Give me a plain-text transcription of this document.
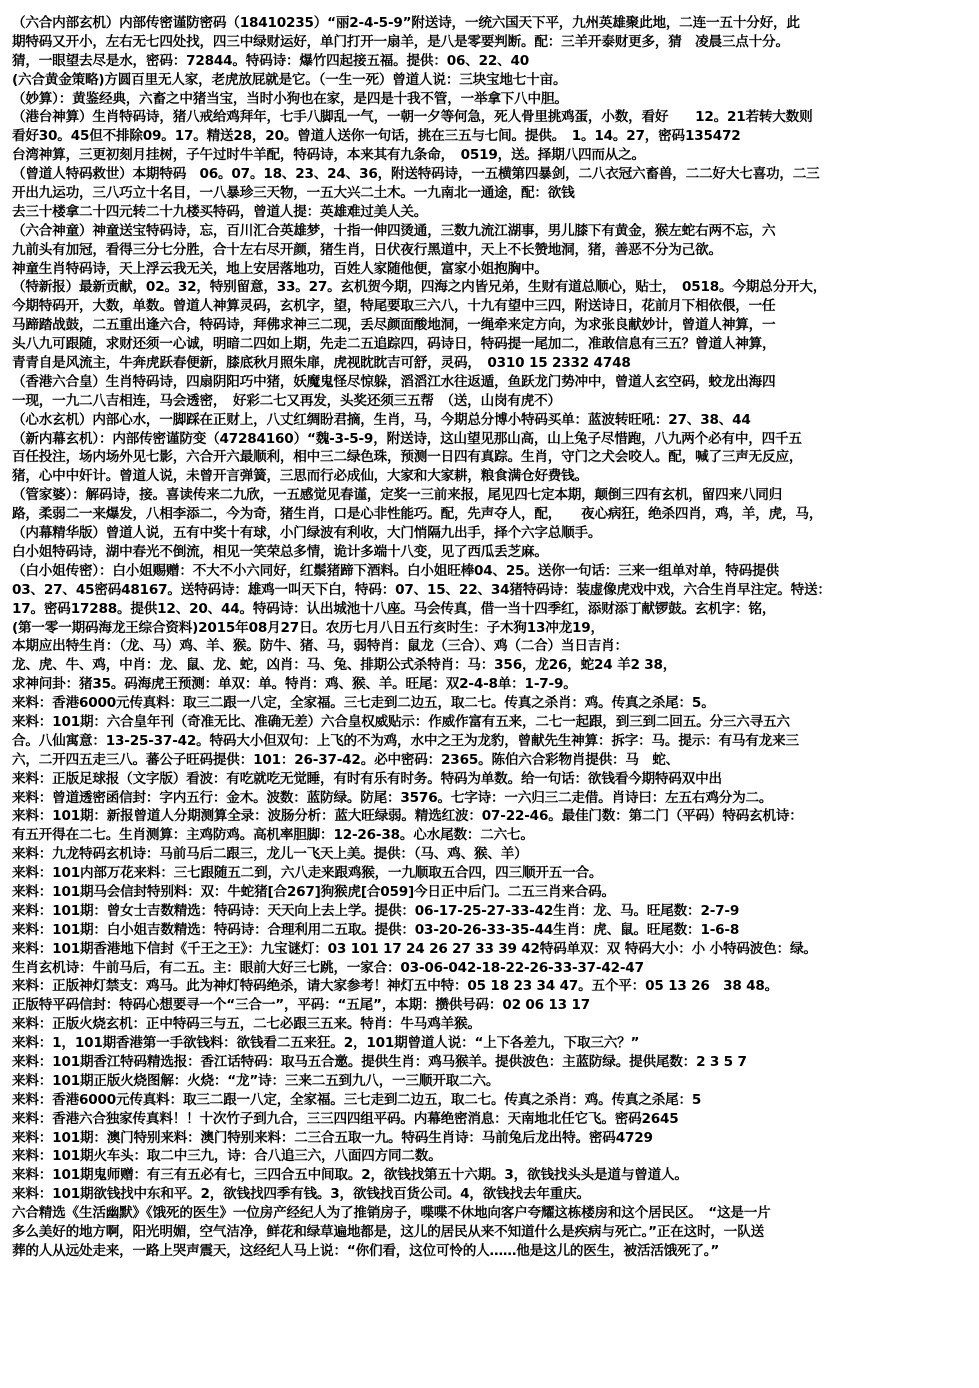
（六合内部玄机）内部传密谨防密码（18410235）“丽2-4-5-9”附送诗，一统六国天下平，九州英雄聚此地，二连一五十分好，此
期特码又开小，左右无七四处找，四三中绿财运好，单门打开一扇羊，是八是零要判断。配：三羊开泰财更多，猜　凌晨三点十分。
猜，一眼望去尽是水，密码：72844。特码诗：爆竹四起接五福。提供：06、22、40
(六合黄金策略)方圆百里无人家，老虎放屁就是它。（一生一死）曾道人说：三块宝地七十亩。
（妙算）：黄鉴经典，六畜之中猪当宝，当时小狗也在家，是四是十我不管，一举拿下八中胆。
（港台神算）生肖特码诗，猪八戒给鸡拜年，七手八脚乱一气，一朝一夕等何急，死人骨里挑鸡蛋，小数，看好　　12。21若转大数则
看好30。45但不排除09。17。精送28，20。曾道人送你一句话，挑在三五与七间。提供。　1。14。27，密码135472
台湾神算，三更初刻月挂树，子午过时牛羊配，特码诗，本来其有九条命，　0519，送。择期八四而从之。
（曾道人特码救世）本期特码　06。07。18、23、24、36，附送特码诗，一五横第四暴剑，二八衣冠六畜兽，二二好大七喜功，二三
开出九运功，三八巧立十名目，一八暴珍三天物，一五大兴二土木。一九南北一通途，配：欲钱
去三十楼拿二十四元转二十九楼买特码，曾道人提：英雄难过美人关。
（六合神童）神童送宝特码诗，忘，百川汇合英雄梦，十指一伸四烫通，三数九流江湖事，男儿膝下有黄金，猴左蛇右两不忘，六
九前头有加冠，看得三分七分胜，合十左右尽开颜，猪生肖，日伏夜行黑道中，天上不长赞地洞，猪，善恶不分为己欲。
神童生肖特码诗，天上浮云我无关，地上安居落地功，百姓人家随他便，富家小姐抱胸中。
（特新报）最新贡献，02。32，特别留意，33。27。玄机贺今期，四海之内皆兄弟，生财有道总顺心，贴士，　0518。今期总分开大，
今期特码开，大数，单数。曾道人神算灵码，玄机字，望，特尾要取三六八，十九有望中三四，附送诗日，花前月下相依偎，一任
马蹄踏战鼓，二五重出逢六合，特码诗，拜佛求神三二现，丢尽颜面酸地洞，一绳牵来定方向，为求张良献妙计，曾道人神算，一
头八九可跟随，求财还须一心诚，明暗二四如上期，先走二五追踪四，码诗日，特码提一尾加二，准敢信息有三五？曾道人神算，
青青自是风流主，牛奔虎跃春便新，膝底秋月照朱扉，虎视眈眈吉可舒，灵码，　0310 15 2332 4748
（香港六合皇）生肖特码诗，四扇阴阳巧中猪，妖魔鬼怪尽惊躲，滔滔江水往返遁，鱼跃龙门势冲中，曾道人玄空码，蛟龙出海四
一现，一九二八吉相连，马会透密，　好彩二七又再发，头奖还须三五帮　（送，山岗有虎不）
（心水玄机）内部心水，一脚踩在正财上，八丈红绸盼君摘，生肖，马，今期总分博小特码买单：蓝波转旺吼：27、38、44
（新内幕玄机）：内部传密谨防变（47284160）“魏-3-5-9，附送诗，这山望见那山高，山上兔子尽惜跑，八九两个必有中，四千五
百任投注，场内场外见七影，六合开六最顺利，相中三二绿色珠，预测一日四有真踪。生肖，守门之犬会咬人。配，喊了三声无反应，
猪，心中中奸计。曾道人说，未曾开言弹簧，三思而行必成仙，大家和大家耕，粮食满仓好费钱。
（管家婆）：解码诗，接。喜读传来二九欣，一五感觉见春谨，定奖一三前来报，尾见四七定本期，颠倒三四有玄机，留四来八同归
路，柔弱二一来爆发，八相李添二，今为奇，猪生肖，口是心非性能巧。配，先声夺人，配，　　夜心病狂，绝杀四肖，鸡，羊，虎，马，
（内幕精华版）曾道人说，五有中奖十有球，小门绿波有利收，大门悄隔九出手，择个六字总顺手。
白小姐特码诗，湖中春光不倒流，相见一笑荣总多情，诡计多端十八变，见了西瓜丢芝麻。
（白小姐传密）：白小姐赐赠：不大不小六同好，红鬃猪蹄下酒料。白小姐旺棒04、25。送你一句话：三来一组单对单，特码提供
03、27、45密码48167。送特码诗：雄鸡一叫天下白，特码：07、15、22、34猪特码诗：装虚像虎戏中戏，六合生肖早注定。特送：
17。密码17288。提供12、20、44。特码诗：认出城池十八座。马会传真，借一当十四季红，添财添丁献锣鼓。玄机字：铭，
(第一零一期码海龙王综合资料)2015年08月27日。农历七月八日五行亥时生：子木狗13冲龙19，
本期应出特生肖：（龙、马）鸡、羊、猴。防牛、猪、马，弱特肖：鼠龙（三合）、鸡（二合）当日吉肖：
龙、虎、牛、鸡，中肖：龙、鼠、龙、蛇，凶肖：马、兔、排期公式杀特肖：马：356，龙26，蛇24 羊2 38，
求神问卦：猪35。码海虎王预测：单双：单。特肖：鸡、猴、羊。旺尾：双2-4-8单：1-7-9。
来料：香港6000元传真料：取三二跟一八定，全家福。三七走到二边五，取二七。传真之杀肖：鸡。传真之杀尾：5。
来料：101期：六合皇年刊（奇准无比、准确无差）六合皇权威贴示：作威作富有五来，二七一起跟，到三到二回五。分三六寻五六
合。八仙寓意：13-25-37-42。特码大小但双句：上飞的不为鸡，水中之王为龙豹，曾献先生神算：拆字：马。提示：有马有龙来三
六，二开四五走三八。蕃公子旺码提供：101：26-37-42。必中密码：2365。陈伯六合彩物肖提供：马　蛇、
来料：正版足球报（文字版）看波：有吃就吃无觉睡，有时有乐有时务。特码为单数。给一句话：欲钱看今期特码双中出
来料：曾道透密函信封：字内五行：金木。波数：蓝防绿。防尾：3576。七字诗：一六归三二走借。肖诗曰：左五右鸡分为二。
来料：101期：新报曾道人分期测算全录：波肠分析：蓝大旺绿弱。精选红波：07-22-46。最佳门数：第二门（平码）特码玄机诗：
有五开得在二七。生肖测算：主鸡防鸡。高机率胆脚：12-26-38。心水尾数：二六七。
来料：九龙特码玄机诗：马前马后二跟三，龙儿一飞天上美。提供：（马、鸡、猴、羊）
来料：101内部万花来料：三七跟随五二到，六八走来跟鸡猴，一九顺取五合四，四三顺开五一合。
来料：101期马会信封特别料：双：牛蛇猪[合267]狗猴虎[合059]今日正中后门。二五三肖来合码。
来料：101期：曾女士吉数精选：特码诗：天天向上去上学。提供：06-17-25-27-33-42生肖：龙、马。旺尾数：2-7-9
来料：101期：白小姐吉数精选：特码诗：合理利用二五取。提供：03-20-26-33-35-44生肖：虎、鼠。旺尾数：1-6-8
来料：101期香港地下信封《千王之王》：九宝谜灯：03 101 17 24 26 27 33 39 42特码单双：双 特码大小：小 小特码波色：绿。
生肖玄机诗：牛前马后，有二五。主：眼前大好三七跳，一家合：03-06-042-18-22-26-33-37-42-47
来料：正版神灯禁支：鸡马。此为神灯特码绝杀，请大家参考！神灯五中特：05 18 23 34 47。五个平：05 13 26　38 48。
正版特平码信封：特码心想要寻一个“三合一”，平码：“五尾”，本期：攒供号码：02 06 13 17
来料：正版火烧玄机：正中特码三与五，二七必跟三五来。特肖：牛马鸡羊猴。
来料：1，101期香港第一手欲钱料：欲钱看二五来狂。2，101期曾道人说：“上下各差九，下取三六？”
来料：101期香江特码精选报：香江话特码：取马五合邀。提供生肖：鸡马猴羊。提供波色：主蓝防绿。提供尾数：2 3 5 7
来料：101期正版火烧图解：火烧：“龙”诗：三来二五到九八，一三顺开取二六。
来料：香港6000元传真料：取三二跟一八定，全家福。三七走到二边五，取二七。传真之杀肖：鸡。传真之杀尾：5
来料：香港六合独家传真料！！十次竹子到九合，三三四四组平码。内幕绝密消息：天南地北任它飞。密码2645
来料：101期：澳门特别来料：澳门特别来料：二三合五取一九。特码生肖诗：马前兔后龙出特。密码4729
来料：101期火车头：取二中三九，诗：合八追三六，八面四方同二数。
来料：101期鬼师赠：有三有五必有七，三四合五中间取。2，欲钱找第五十六期。3，欲钱找头头是道与曾道人。
来料：101期欲钱找中东和平。2，欲钱找四季有钱。3，欲钱找百货公司。4，欲钱找去年重庆。
六合精选《生活幽默》《饿死的医生》一位房产经纪人为了推销房子，喋喋不休地向客户夸耀这栋楼房和这个居民区。　“这是一片
多么美好的地方啊，阳光明媚，空气洁净，鲜花和绿草遍地都是，这儿的居民从来不知道什么是疾病与死亡。”正在这时，一队送
葬的人从远处走来，一路上哭声震天，这经纪人马上说：“你们看，这位可怜的人……他是这儿的医生，被活活饿死了。”
